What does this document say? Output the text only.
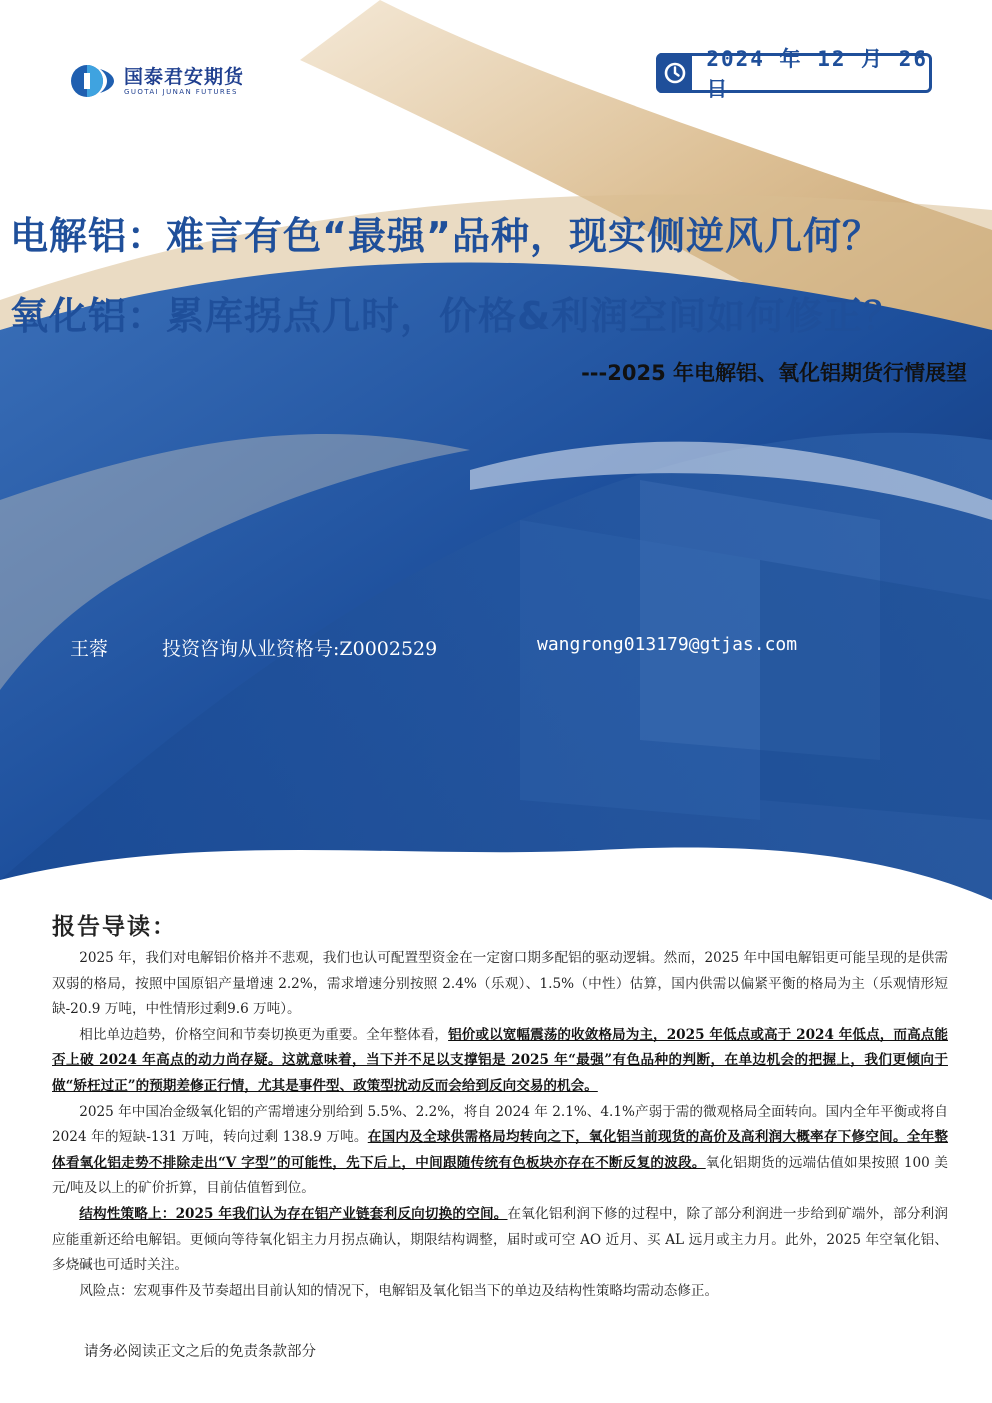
国泰君安期货
GUOTAI JUNAN FUTURES
2024 年 12 月 26 日
电解铝：难言有色“最强”品种，现实侧逆风几何？
氧化铝：累库拐点几时，价格&利润空间如何修正？
---2025 年电解铝、氧化铝期货行情展望
王蓉	投资咨询从业资格号:Z0002529	wangrong013179@gtjas.com
报告导读：

2025 年，我们对电解铝价格并不悲观，我们也认可配置型资金在一定窗口期多配铝的驱动逻辑。然而，2025 年中国电解铝更可能呈现的是供需双弱的格局，按照中国原铝产量增速 2.2%，需求增速分别按照 2.4%（乐观）、1.5%（中性）估算，国内供需以偏紧平衡的格局为主（乐观情形短缺-20.9 万吨，中性情形过剩9.6 万吨）。

相比单边趋势，价格空间和节奏切换更为重要。全年整体看，铝价或以宽幅震荡的收敛格局为主，2025 年低点或高于 2024 年低点，而高点能否上破 2024 年高点的动力尚存疑。这就意味着，当下并不足以支撑铝是 2025 年“最强”有色品种的判断，在单边机会的把握上，我们更倾向于做“矫枉过正”的预期差修正行情，尤其是事件型、政策型扰动反而会给到反向交易的机会。

2025 年中国冶金级氧化铝的产需增速分别给到 5.5%、2.2%，将自 2024 年 2.1%、4.1%产弱于需的微观格局全面转向。国内全年平衡或将自 2024 年的短缺-131 万吨，转向过剩 138.9 万吨。在国内及全球供需格局均转向之下，氧化铝当前现货的高价及高利润大概率存下修空间。全年整体看氧化铝走势不排除走出“V 字型”的可能性，先下后上，中间跟随传统有色板块亦存在不断反复的波段。氧化铝期货的远端估值如果按照 100 美元/吨及以上的矿价折算，目前估值暂到位。

结构性策略上：2025 年我们认为存在铝产业链套利反向切换的空间。在氧化铝利润下修的过程中，除了部分利润进一步给到矿端外，部分利润应能重新还给电解铝。更倾向等待氧化铝主力月拐点确认，期限结构调整，届时或可空 AO 近月、买 AL 远月或主力月。此外，2025 年空氧化铝、多烧碱也可适时关注。

风险点：宏观事件及节奏超出目前认知的情况下，电解铝及氧化铝当下的单边及结构性策略均需动态修正。

请务必阅读正文之后的免责条款部分
